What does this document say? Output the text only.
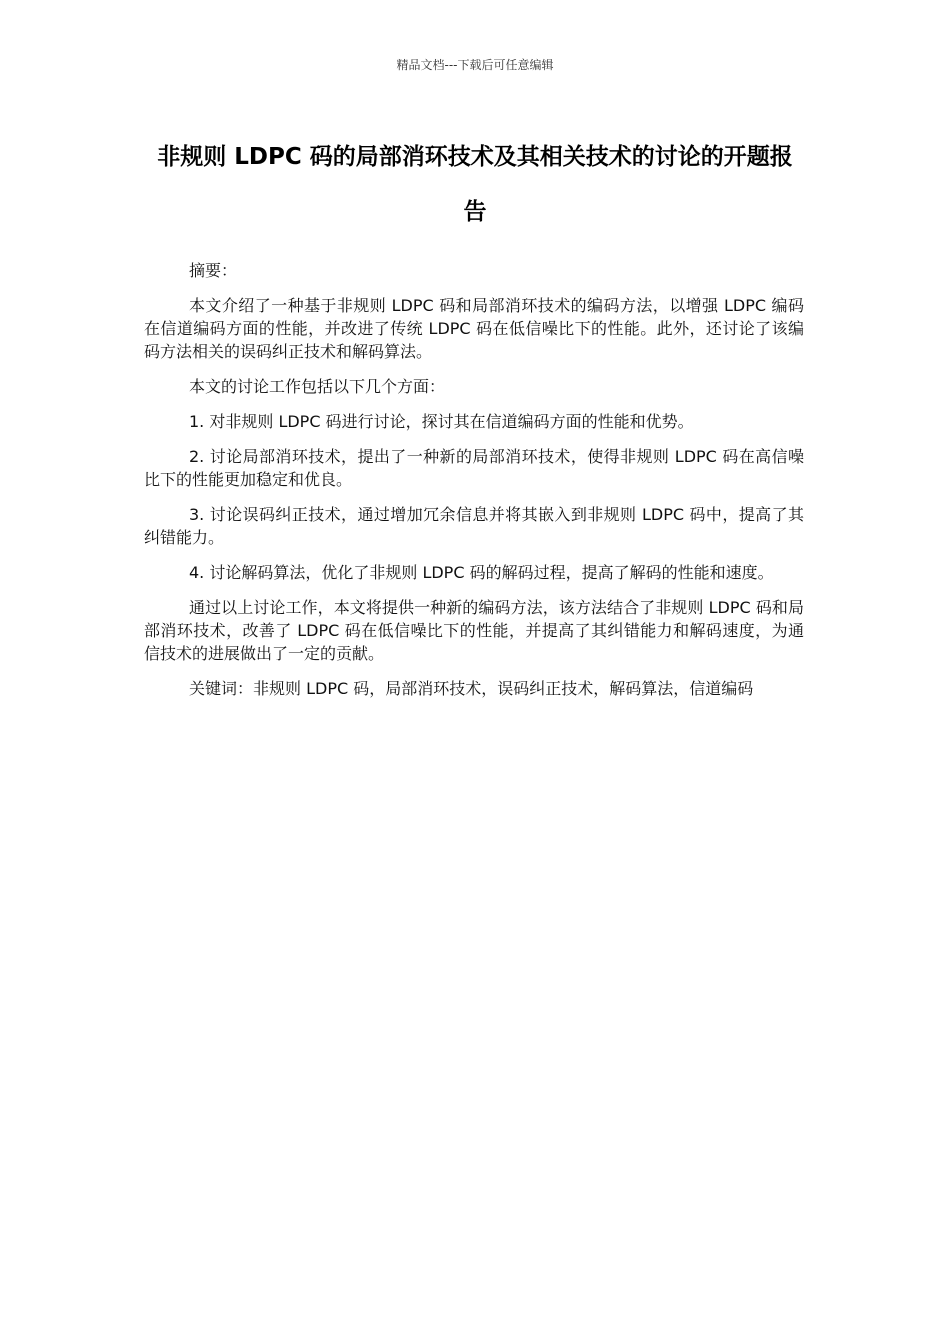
精品文档---下载后可任意编辑
非规则 LDPC 码的局部消环技术及其相关技术的讨论的开题报告

摘要：

本文介绍了一种基于非规则 LDPC 码和局部消环技术的编码方法，以增强 LDPC 编码在信道编码方面的性能，并改进了传统 LDPC 码在低信噪比下的性能。此外，还讨论了该编码方法相关的误码纠正技术和解码算法。

本文的讨论工作包括以下几个方面：

1. 对非规则 LDPC 码进行讨论，探讨其在信道编码方面的性能和优势。

2. 讨论局部消环技术，提出了一种新的局部消环技术，使得非规则 LDPC 码在高信噪比下的性能更加稳定和优良。

3. 讨论误码纠正技术，通过增加冗余信息并将其嵌入到非规则 LDPC 码中，提高了其纠错能力。

4. 讨论解码算法，优化了非规则 LDPC 码的解码过程，提高了解码的性能和速度。

通过以上讨论工作，本文将提供一种新的编码方法，该方法结合了非规则 LDPC 码和局部消环技术，改善了 LDPC 码在低信噪比下的性能，并提高了其纠错能力和解码速度，为通信技术的进展做出了一定的贡献。

关键词：非规则 LDPC 码，局部消环技术，误码纠正技术，解码算法，信道编码
